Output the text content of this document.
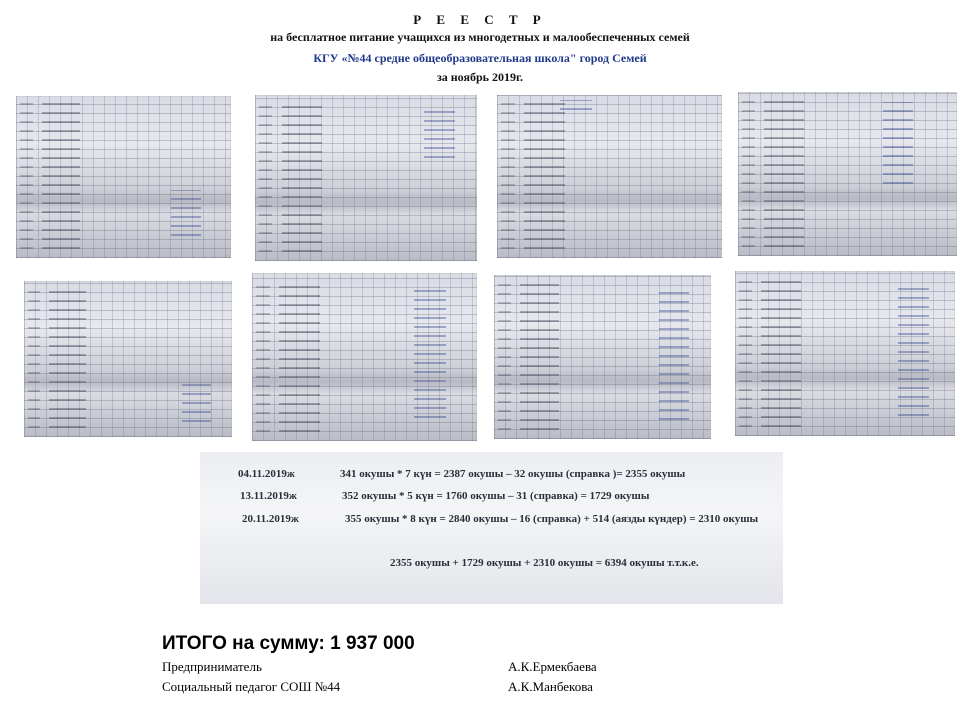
Р Е Е С Т Р
на бесплатное питание учащихся из многодетных и малообеспеченных семей
КГУ «№44 средне общеобразовательная школа" город Семей
за ноябрь 2019г.
04.11.2019ж	341 окушы * 7 күн = 2387 окушы – 32 окушы (справка )= 2355 окушы
13.11.2019ж	352 окушы * 5 күн = 1760 окушы – 31 (справка) = 1729 окушы
20.11.2019ж	355 окушы * 8 күн = 2840 окушы – 16 (справка) + 514 (аязды күндер) = 2310 окушы
2355 окушы + 1729 окушы + 2310 окушы = 6394 окушы т.т.к.е.
ИТОГО на сумму: 1 937 000
Предприниматель	А.К.Ермекбаева
Социальный педагог СОШ №44	А.К.Манбекова
